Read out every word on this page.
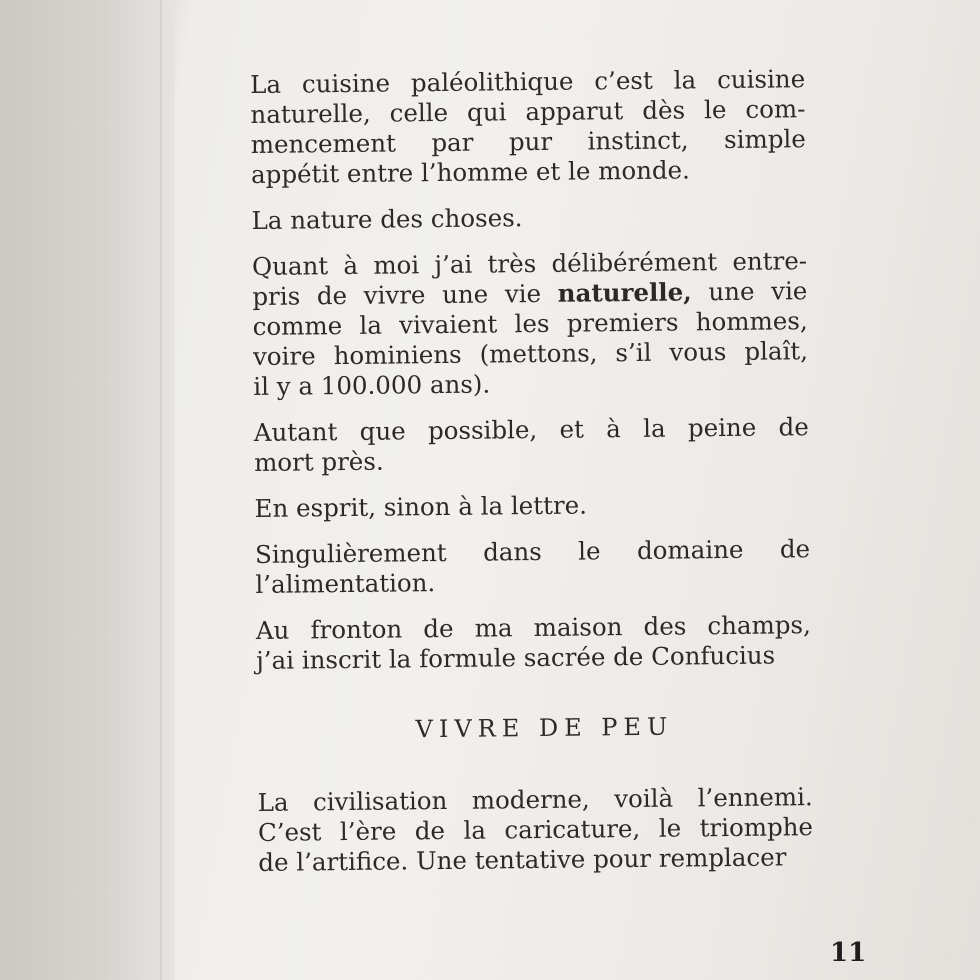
La cuisine paléolithique c’est la cuisine
naturelle, celle qui apparut dès le com-
mencement par pur instinct, simple
appétit entre l’homme et le monde.

La nature des choses.

Quant à moi j’ai très délibérément entre-
pris de vivre une vie naturelle, une vie
comme la vivaient les premiers hommes,
voire hominiens (mettons, s’il vous plaît,
il y a 100.000 ans).

Autant que possible, et à la peine de
mort près.

En esprit, sinon à la lettre.

Singulièrement dans le domaine de
l’alimentation.

Au fronton de ma maison des champs,
j’ai inscrit la formule sacrée de Confucius

VIVRE DE PEU

La civilisation moderne, voilà l’ennemi.
C’est l’ère de la caricature, le triomphe
de l’artifice. Une tentative pour remplacer

11
